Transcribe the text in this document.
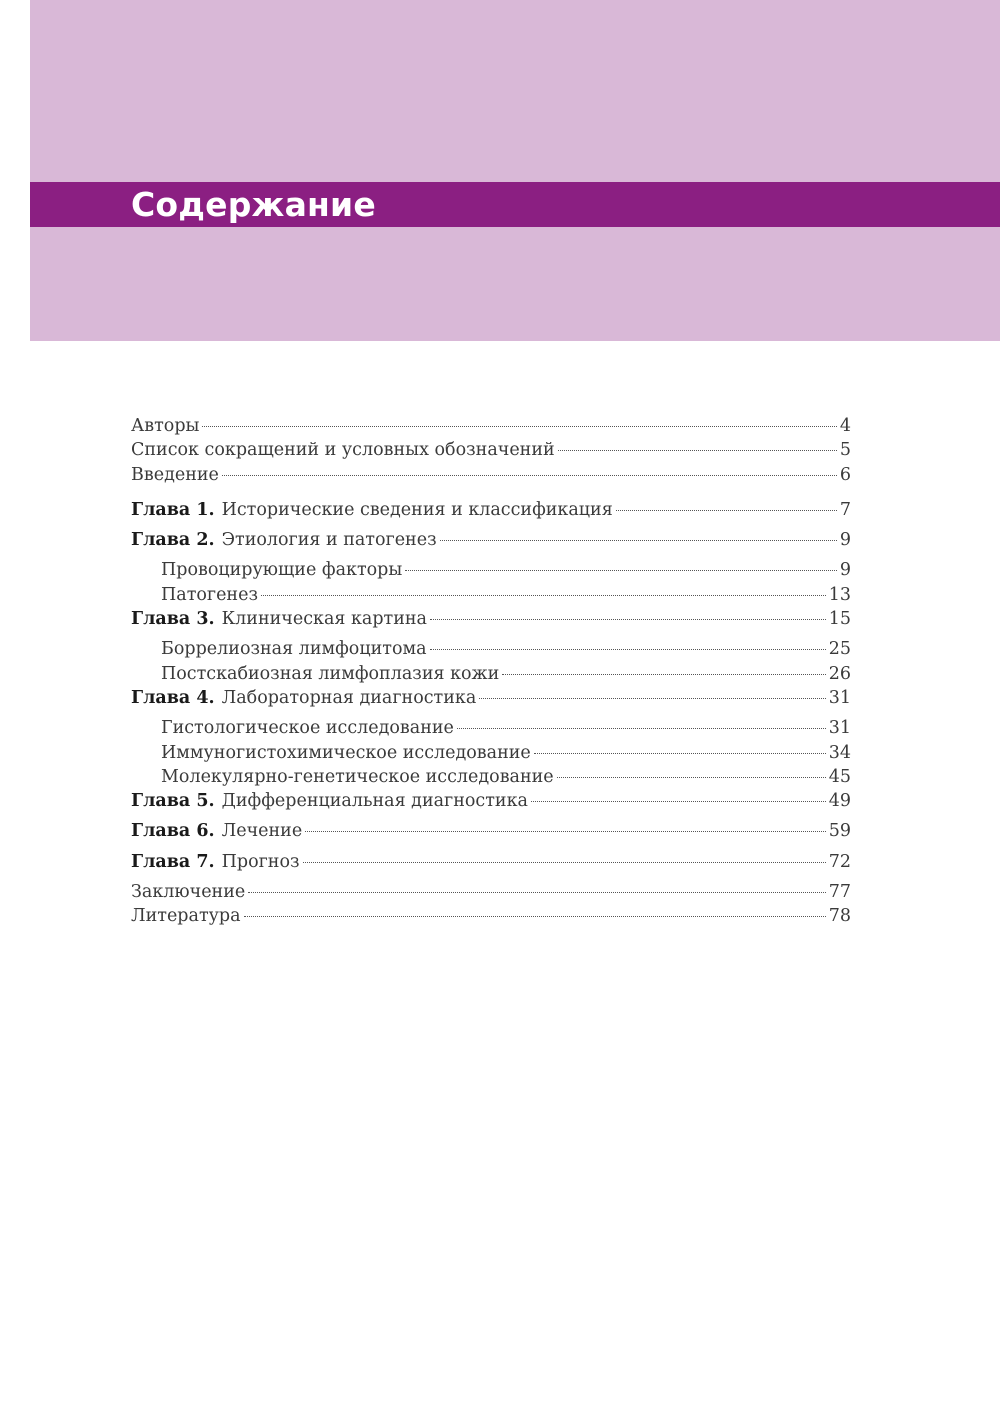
Содержание
Авторы	4
Список сокращений и условных обозначений	5
Введение	6
Глава 1. Исторические сведения и классификация	7
Глава 2. Этиология и патогенез	9
Провоцирующие факторы	9
Патогенез	13
Глава 3. Клиническая картина	15
Боррелиозная лимфоцитома	25
Постскабиозная лимфоплазия кожи	26
Глава 4. Лабораторная диагностика	31
Гистологическое исследование	31
Иммуногистохимическое исследование	34
Молекулярно-генетическое исследование	45
Глава 5. Дифференциальная диагностика	49
Глава 6. Лечение	59
Глава 7. Прогноз	72
Заключение	77
Литература	78
